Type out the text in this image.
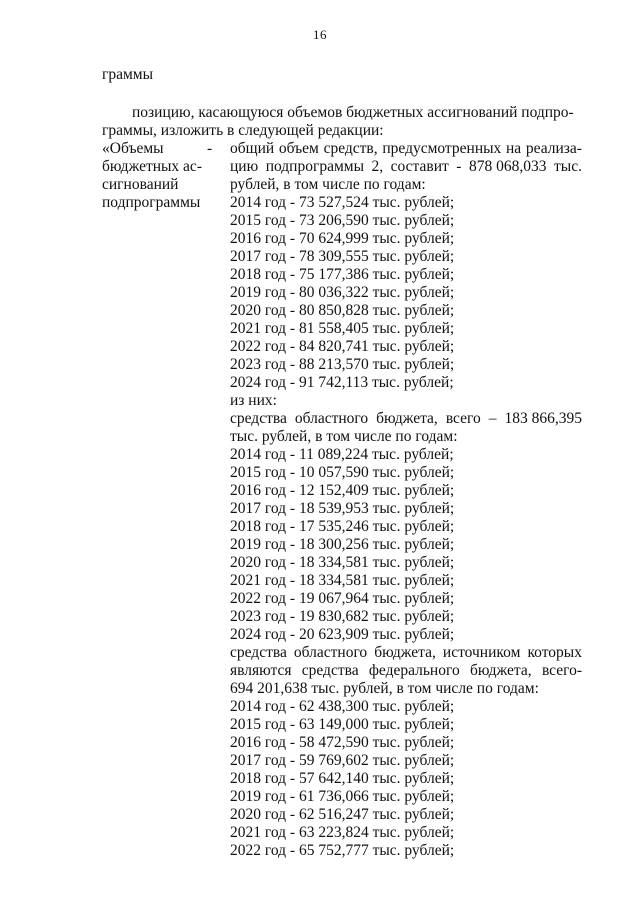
16
граммы
позицию, касающуюся объемов бюджетных ассигнований подпро-
граммы, изложить в следующей редакции:
«Объемы
бюджетных ас-
сигнований
подпрограммы
- общий объем средств, предусмотренных на реализа-
цию подпрограммы 2, составит - 878 068,033 тыс.
рублей, в том числе по годам:
2014 год - 73 527,524 тыс. рублей;
2015 год - 73 206,590 тыс. рублей;
2016 год - 70 624,999 тыс. рублей;
2017 год - 78 309,555 тыс. рублей;
2018 год - 75 177,386 тыс. рублей;
2019 год - 80 036,322 тыс. рублей;
2020 год - 80 850,828 тыс. рублей;
2021 год - 81 558,405 тыс. рублей;
2022 год - 84 820,741 тыс. рублей;
2023 год - 88 213,570 тыс. рублей;
2024 год - 91 742,113 тыс. рублей;
из них:
средства областного бюджета, всего – 183 866,395
тыс. рублей, в том числе по годам:
2014 год - 11 089,224 тыс. рублей;
2015 год - 10 057,590 тыс. рублей;
2016 год - 12 152,409 тыс. рублей;
2017 год - 18 539,953 тыс. рублей;
2018 год - 17 535,246 тыс. рублей;
2019 год - 18 300,256 тыс. рублей;
2020 год - 18 334,581 тыс. рублей;
2021 год - 18 334,581 тыс. рублей;
2022 год - 19 067,964 тыс. рублей;
2023 год - 19 830,682 тыс. рублей;
2024 год - 20 623,909 тыс. рублей;
средства областного бюджета, источником которых
являются средства федерального бюджета, всего-
694 201,638 тыс. рублей, в том числе по годам:
2014 год - 62 438,300 тыс. рублей;
2015 год - 63 149,000 тыс. рублей;
2016 год - 58 472,590 тыс. рублей;
2017 год - 59 769,602 тыс. рублей;
2018 год - 57 642,140 тыс. рублей;
2019 год - 61 736,066 тыс. рублей;
2020 год - 62 516,247 тыс. рублей;
2021 год - 63 223,824 тыс. рублей;
2022 год - 65 752,777 тыс. рублей;
